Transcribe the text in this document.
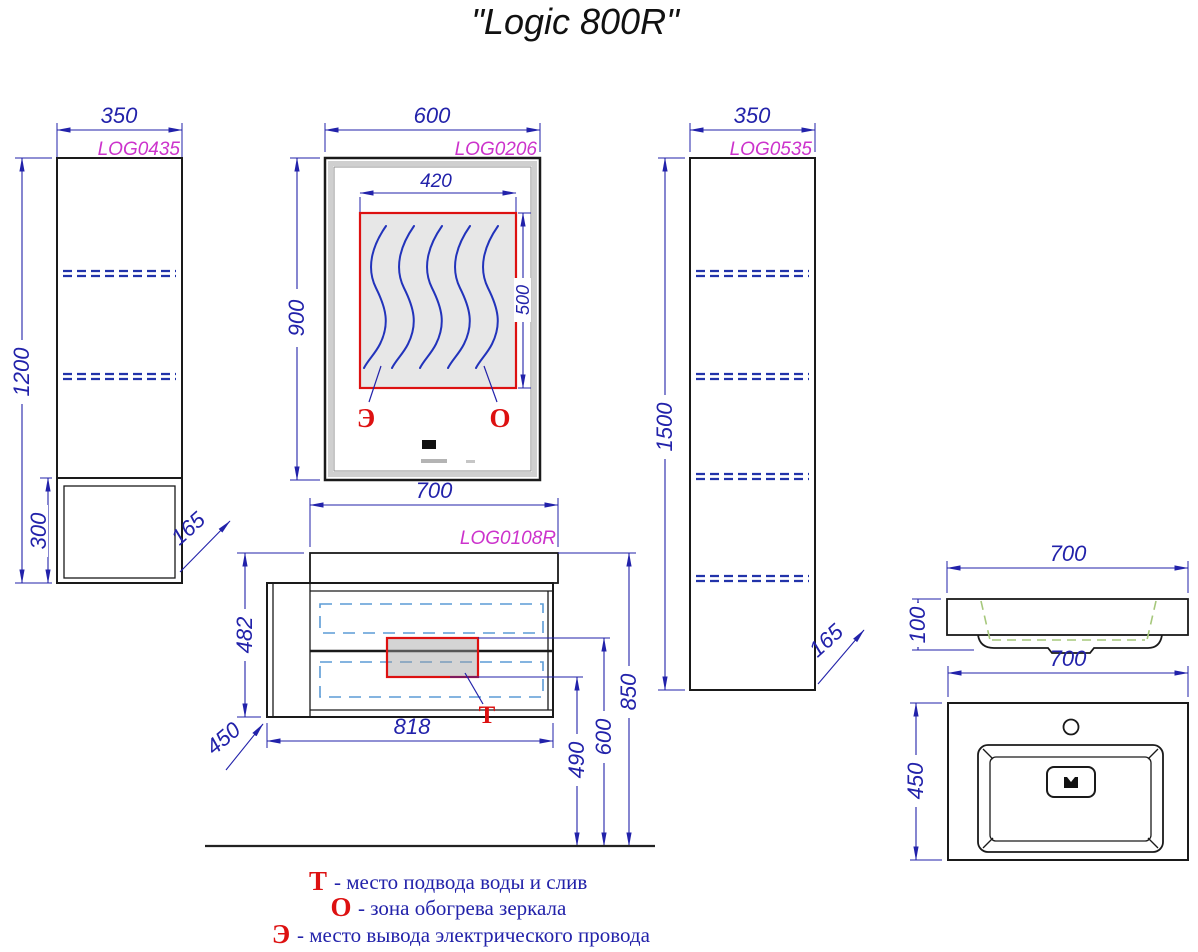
"Logic 800R"
350
LOG0435
1200
300	165
600
LOG0206
420
500
Э	О
900
700
LOG0108R
Т
482
818
450
490
600
850
350
LOG0535
1500
165
700
100
700
450
Т - место подвода воды и слив
О - зона обогрева зеркала
Э - место вывода электрического провода
